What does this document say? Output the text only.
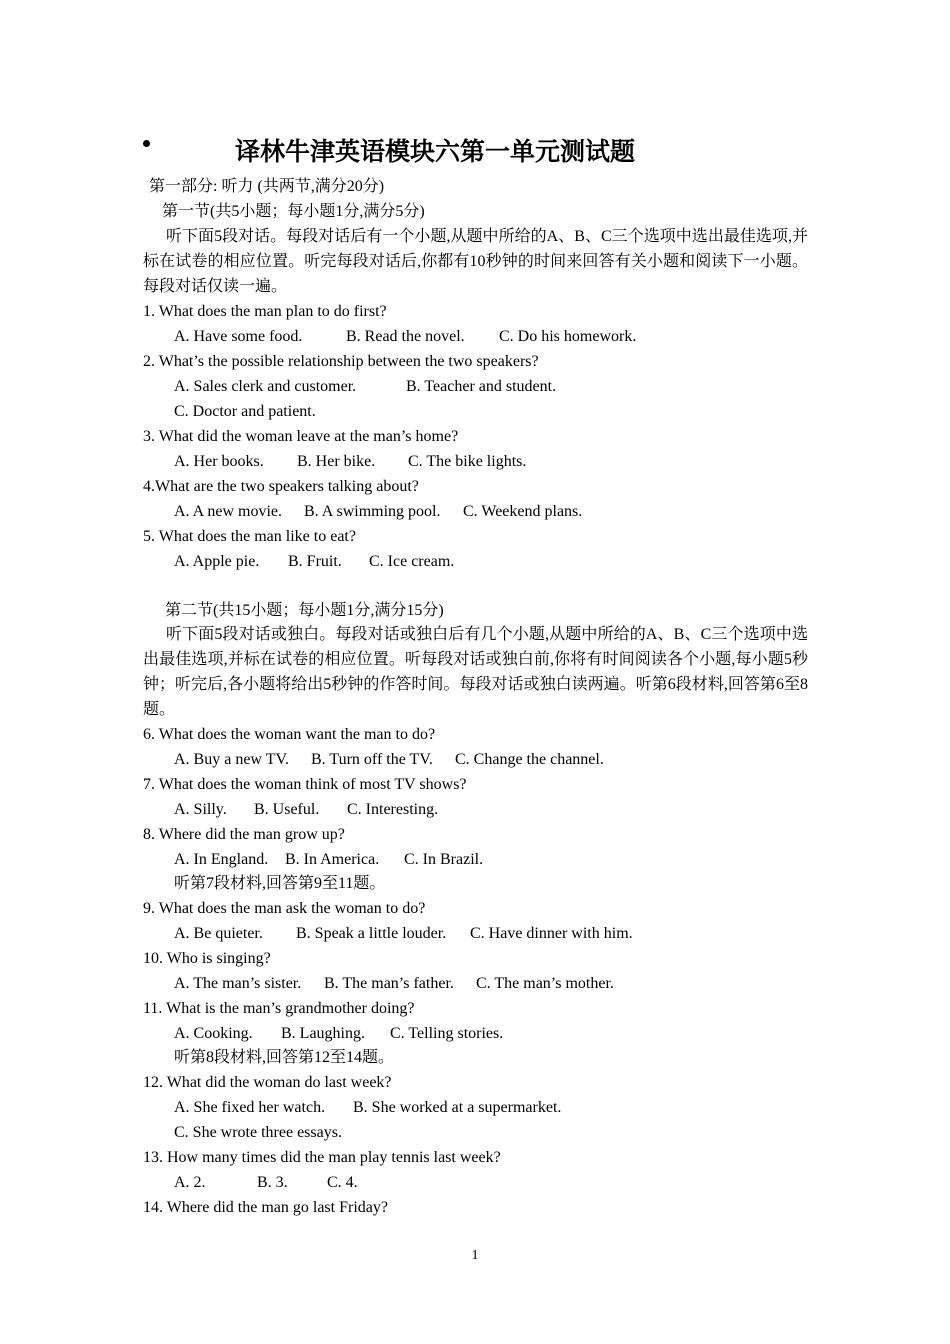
译林牛津英语模块六第一单元测试题
第一部分: 听力 (共两节,满分20分)
第一节(共5小题；每小题1分,满分5分)
听下面5段对话。每段对话后有一个小题,从题中所给的A、B、C三个选项中选出最佳选项,并标在试卷的相应位置。听完每段对话后,你都有10秒钟的时间来回答有关小题和阅读下一小题。每段对话仅读一遍。
1. What does the man plan to do first?
A. Have some food.	B. Read the novel. C. Do his homework.
2. What’s the possible relationship between the two speakers?
A. Sales clerk and customer.	B. Teacher and student.
C. Doctor and patient.
3. What did the woman leave at the man’s home?
A. Her books. B. Her bike. C. The bike lights.
4.What are the two speakers talking about?
A. A new movie. B. A swimming pool. C. Weekend plans.
5. What does the man like to eat?
A. Apple pie. B. Fruit. C. Ice cream.
第二节(共15小题；每小题1分,满分15分)
听下面5段对话或独白。每段对话或独白后有几个小题,从题中所给的A、B、C三个选项中选出最佳选项,并标在试卷的相应位置。听每段对话或独白前,你将有时间阅读各个小题,每小题5秒钟；听完后,各小题将给出5秒钟的作答时间。每段对话或独白读两遍。听第6段材料,回答第6至8题。
6. What does the woman want the man to do?
A. Buy a new TV. B. Turn off the TV. C. Change the channel.
7. What does the woman think of most TV shows?
A. Silly. B. Useful. C. Interesting.
8. Where did the man grow up?
A. In England. B. In America. C. In Brazil.
听第7段材料,回答第9至11题。
9. What does the man ask the woman to do?
A. Be quieter. B. Speak a little louder. C. Have dinner with him.
10. Who is singing?
A. The man’s sister. B. The man’s father. C. The man’s mother.
11. What is the man’s grandmother doing?
A. Cooking. B. Laughing. C. Telling stories.
听第8段材料,回答第12至14题。
12. What did the woman do last week?
A. She fixed her watch. B. She worked at a supermarket.
C. She wrote three essays.
13. How many times did the man play tennis last week?
A. 2.	B. 3. C. 4.
14. Where did the man go last Friday?
1
